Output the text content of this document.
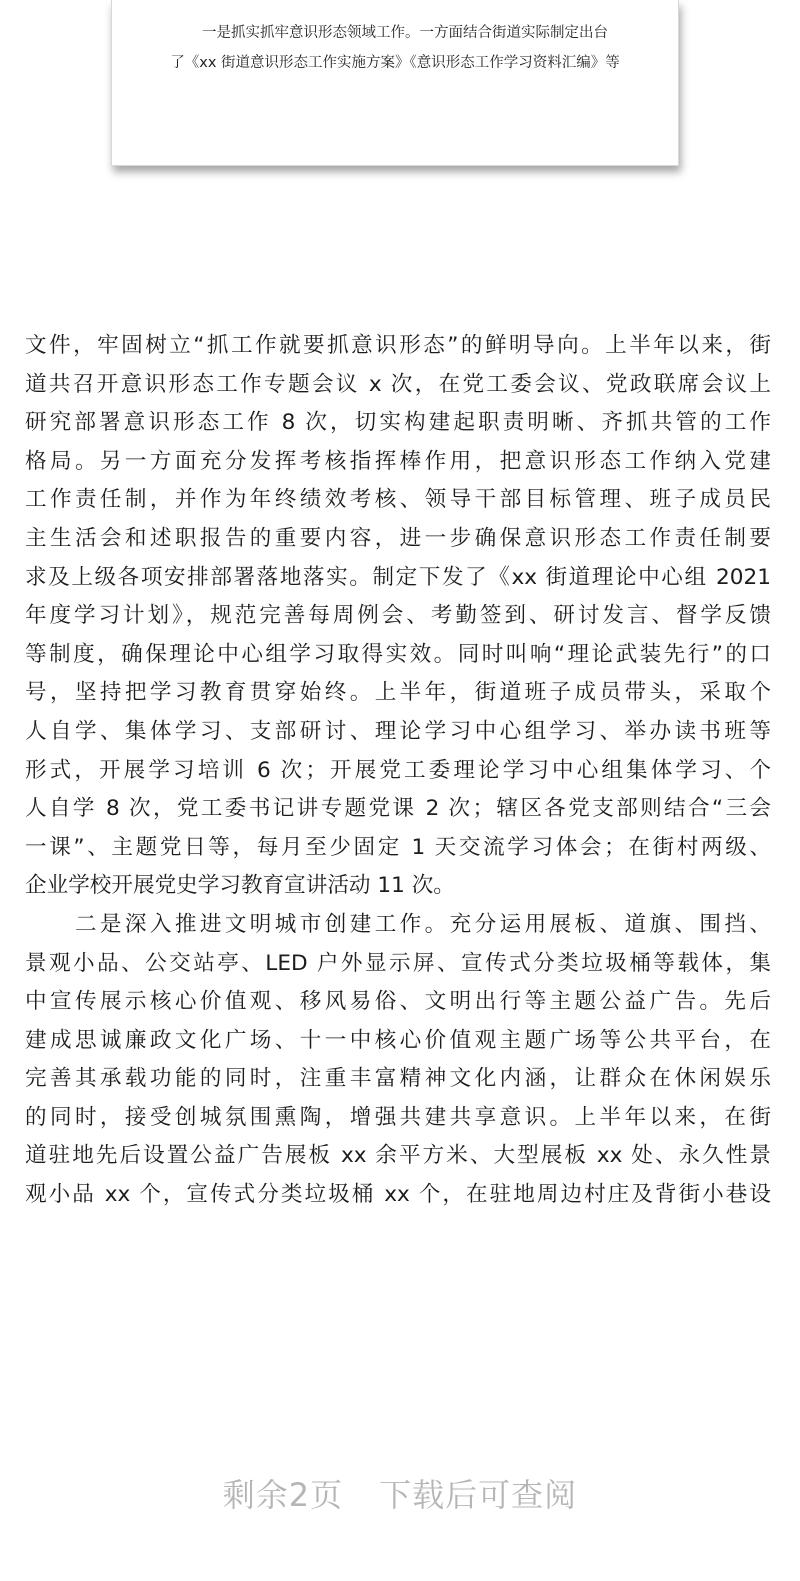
一是抓实抓牢意识形态领域工作。一方面结合街道实际制定出台
了《xx 街道意识形态工作实施方案》《意识形态工作学习资料汇编》等

文件，牢固树立“抓工作就要抓意识形态”的鲜明导向。上半年以来，街

道共召开意识形态工作专题会议 x 次，在党工委会议、党政联席会议上

研究部署意识形态工作 8 次，切实构建起职责明晰、齐抓共管的工作

格局。另一方面充分发挥考核指挥棒作用，把意识形态工作纳入党建

工作责任制，并作为年终绩效考核、领导干部目标管理、班子成员民

主生活会和述职报告的重要内容，进一步确保意识形态工作责任制要

求及上级各项安排部署落地落实。制定下发了《xx 街道理论中心组 2021

年度学习计划》，规范完善每周例会、考勤签到、研讨发言、督学反馈

等制度，确保理论中心组学习取得实效。同时叫响“理论武装先行”的口

号，坚持把学习教育贯穿始终。上半年，街道班子成员带头，采取个

人自学、集体学习、支部研讨、理论学习中心组学习、举办读书班等

形式，开展学习培训 6 次；开展党工委理论学习中心组集体学习、个

人自学 8 次，党工委书记讲专题党课 2 次；辖区各党支部则结合“三会

一课”、主题党日等，每月至少固定 1 天交流学习体会；在街村两级、

企业学校开展党史学习教育宣讲活动 11 次。

　　二是深入推进文明城市创建工作。充分运用展板、道旗、围挡、

景观小品、公交站亭、LED 户外显示屏、宣传式分类垃圾桶等载体，集

中宣传展示核心价值观、移风易俗、文明出行等主题公益广告。先后

建成思诚廉政文化广场、十一中核心价值观主题广场等公共平台，在

完善其承载功能的同时，注重丰富精神文化内涵，让群众在休闲娱乐

的同时，接受创城氛围熏陶，增强共建共享意识。上半年以来，在街

道驻地先后设置公益广告展板 xx 余平方米、大型展板 xx 处、永久性景

观小品 xx 个，宣传式分类垃圾桶 xx 个，在驻地周边村庄及背街小巷设

剩余2页 下载后可查阅
